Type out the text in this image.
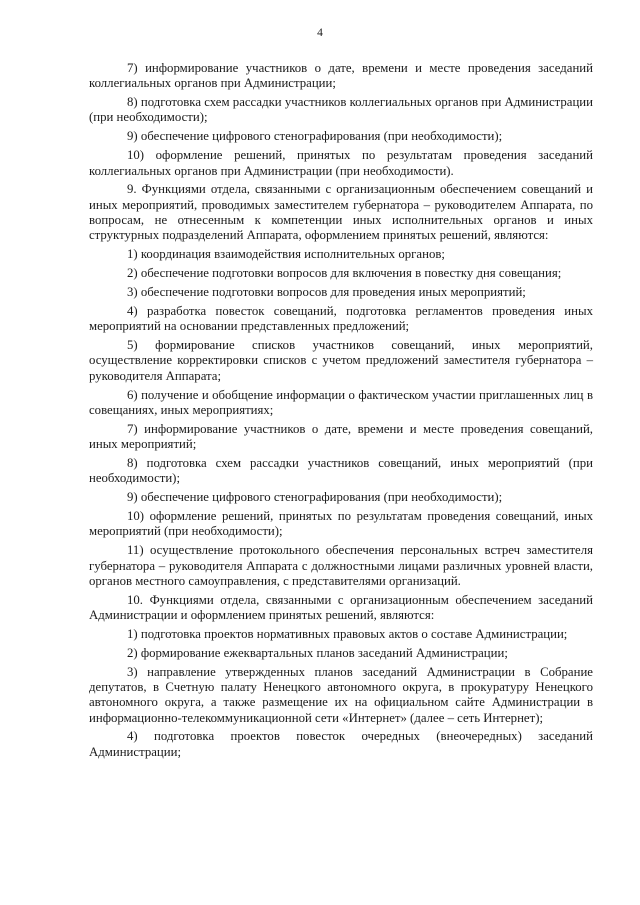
4

7) информирование участников о дате, времени и месте проведения заседаний коллегиальных органов при Администрации;

8) подготовка схем рассадки участников коллегиальных органов при Администрации (при необходимости);

9) обеспечение цифрового стенографирования (при необходимости);

10) оформление решений, принятых по результатам проведения заседаний коллегиальных органов при Администрации (при необходимости).

9. Функциями отдела, связанными с организационным обеспечением совещаний и иных мероприятий, проводимых заместителем губернатора – руководителем Аппарата, по вопросам, не отнесенным к компетенции иных исполнительных органов и иных структурных подразделений Аппарата, оформлением принятых решений, являются:

1) координация взаимодействия исполнительных органов;

2) обеспечение подготовки вопросов для включения в повестку дня совещания;

3) обеспечение подготовки вопросов для проведения иных мероприятий;

4) разработка повесток совещаний, подготовка регламентов проведения иных мероприятий на основании представленных предложений;

5) формирование списков участников совещаний, иных мероприятий, осуществление корректировки списков с учетом предложений заместителя губернатора – руководителя Аппарата;

6) получение и обобщение информации о фактическом участии приглашенных лиц в совещаниях, иных мероприятиях;

7) информирование участников о дате, времени и месте проведения совещаний, иных мероприятий;

8) подготовка схем рассадки участников совещаний, иных мероприятий (при необходимости);

9) обеспечение цифрового стенографирования (при необходимости);

10) оформление решений, принятых по результатам проведения совещаний, иных мероприятий (при необходимости);

11) осуществление протокольного обеспечения персональных встреч заместителя губернатора – руководителя Аппарата с должностными лицами различных уровней власти, органов местного самоуправления, с представителями организаций.

10. Функциями отдела, связанными с организационным обеспечением заседаний Администрации и оформлением принятых решений, являются:

1) подготовка проектов нормативных правовых актов о составе Администрации;

2) формирование ежеквартальных планов заседаний Администрации;

3) направление утвержденных планов заседаний Администрации в Собрание депутатов, в Счетную палату Ненецкого автономного округа, в прокуратуру Ненецкого автономного округа, а также размещение их на официальном сайте Администрации в информационно-телекоммуникационной сети «Интернет» (далее – сеть Интернет);

4) подготовка проектов повесток очередных (внеочередных) заседаний Администрации;
